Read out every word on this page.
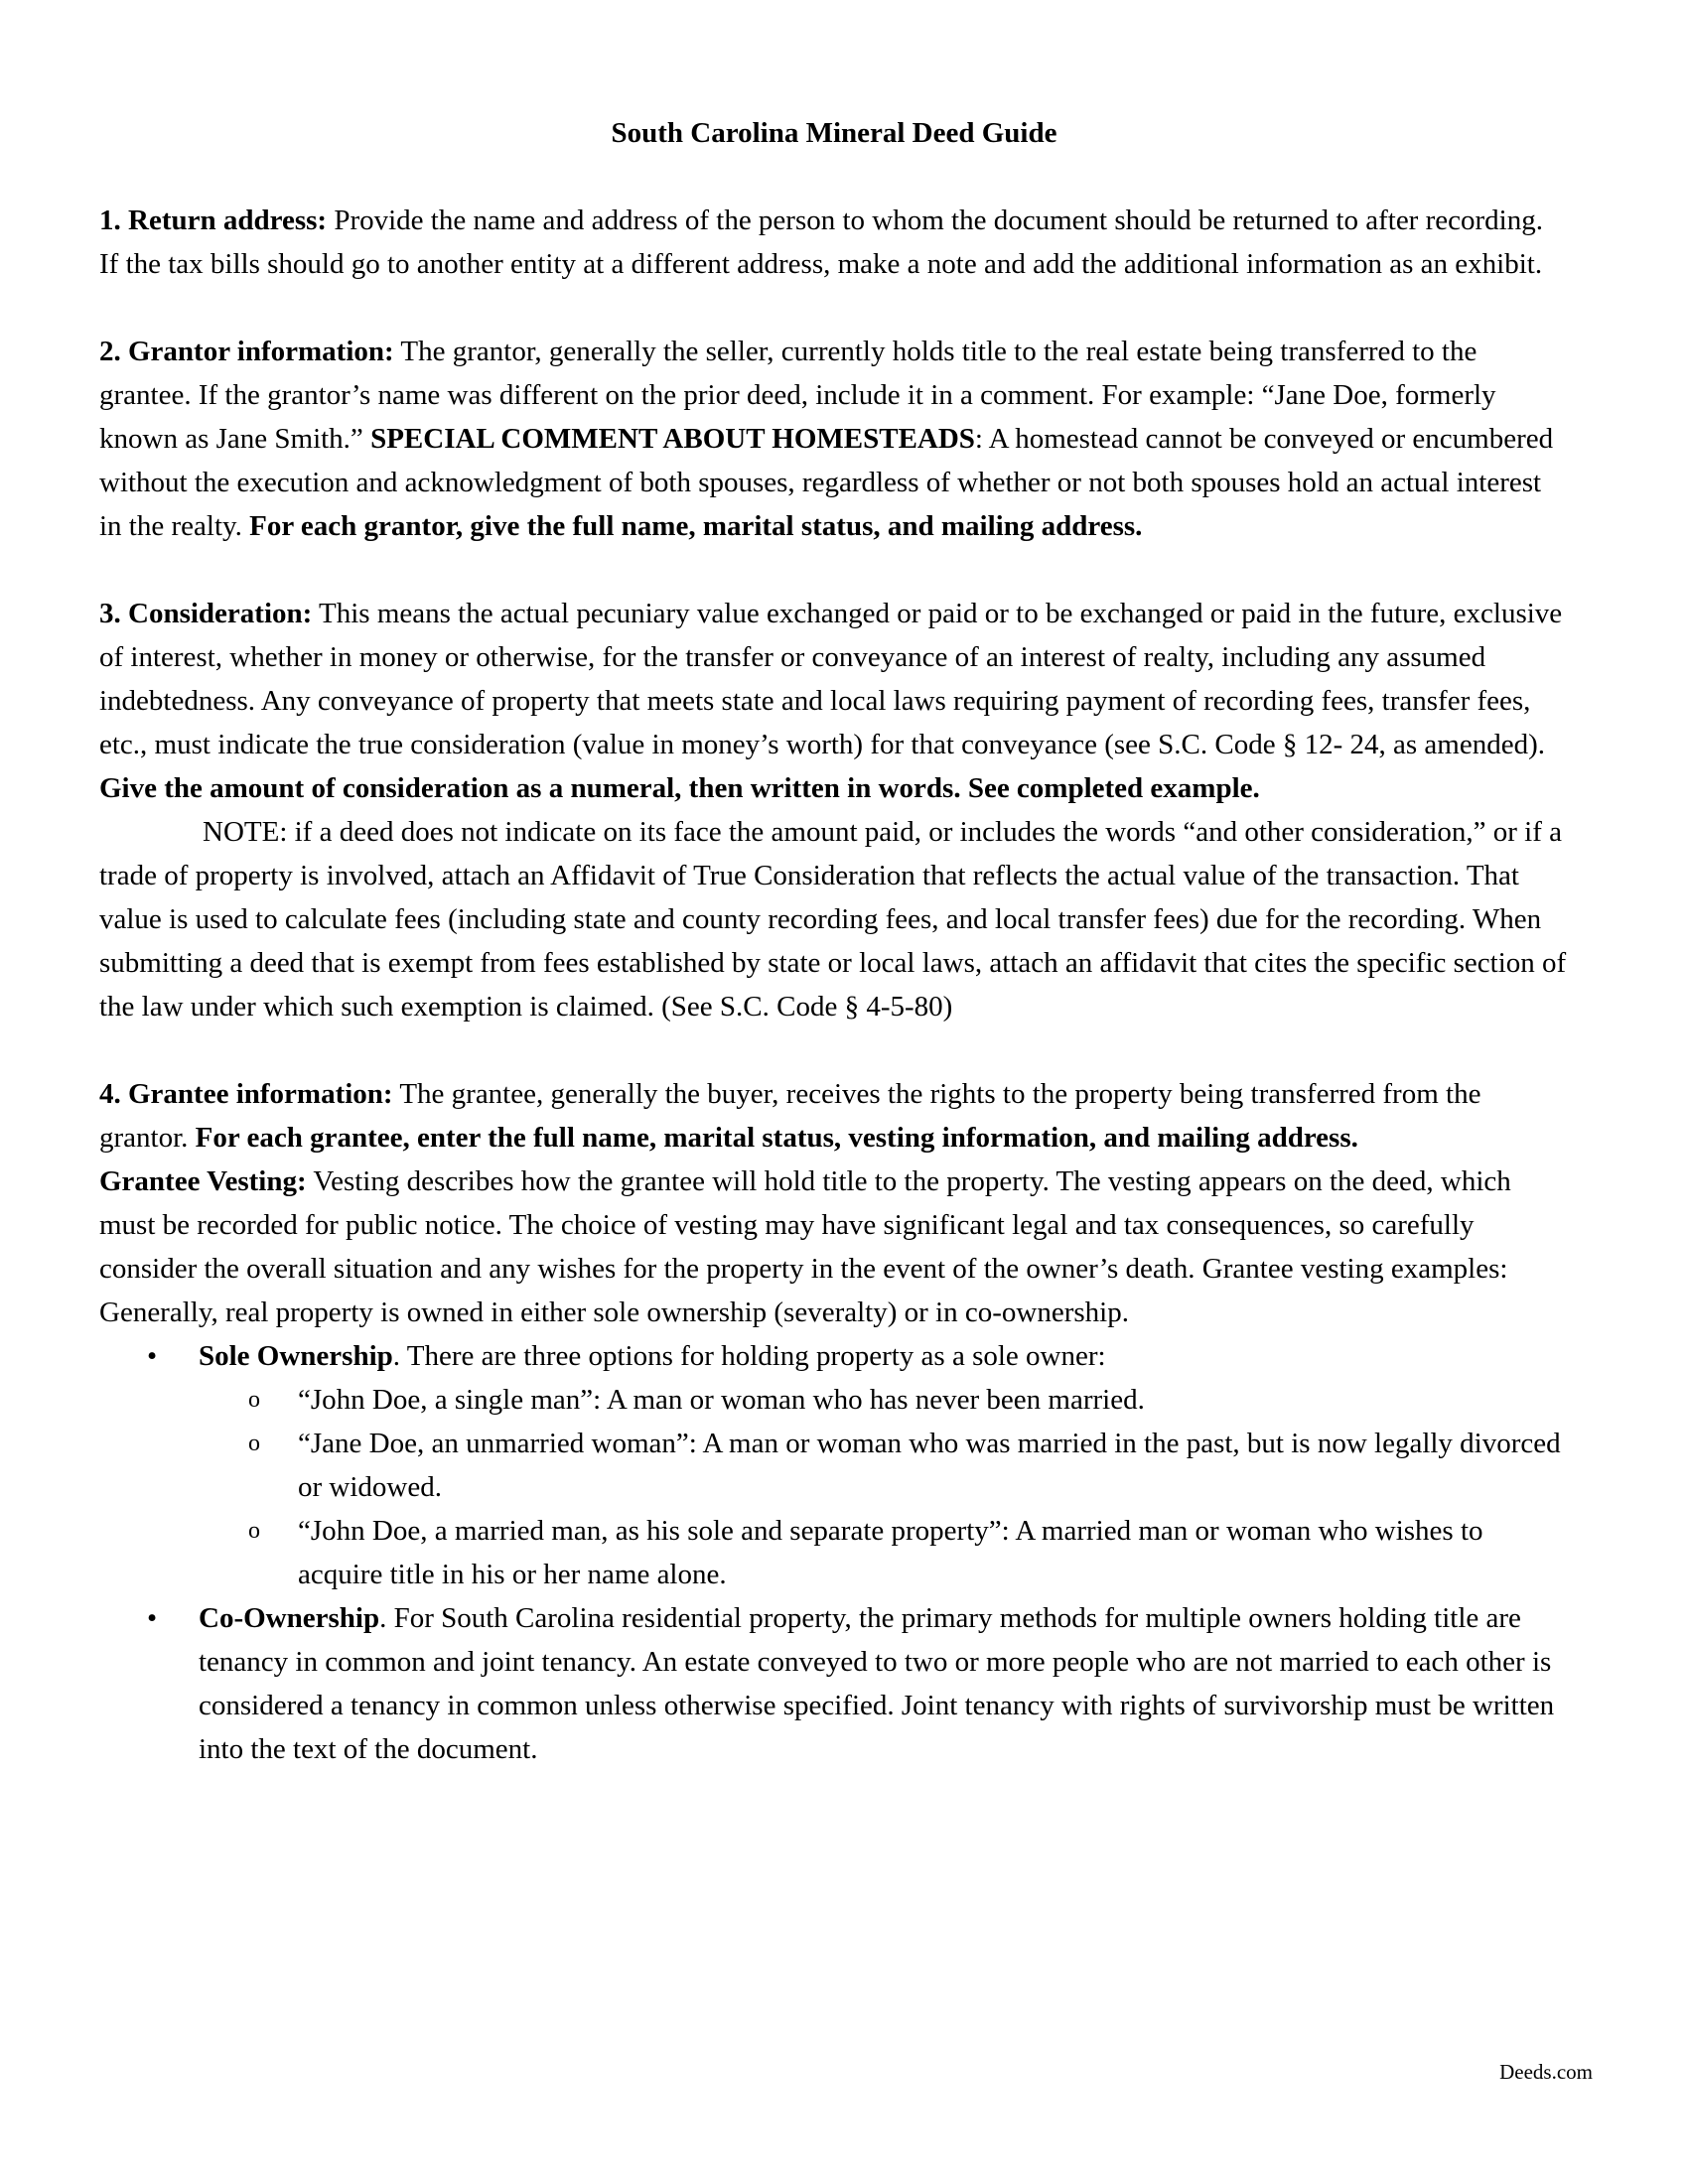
South Carolina Mineral Deed Guide

1. Return address: Provide the name and address of the person to whom the document should be returned to after recording. If the tax bills should go to another entity at a different address, make a note and add the additional information as an exhibit.

2. Grantor information: The grantor, generally the seller, currently holds title to the real estate being transferred to the grantee. If the grantor’s name was different on the prior deed, include it in a comment. For example: “Jane Doe, formerly known as Jane Smith.” SPECIAL COMMENT ABOUT HOMESTEADS: A homestead cannot be conveyed or encumbered without the execution and acknowledgment of both spouses, regardless of whether or not both spouses hold an actual interest in the realty. For each grantor, give the full name, marital status, and mailing address.

3. Consideration: This means the actual pecuniary value exchanged or paid or to be exchanged or paid in the future, exclusive of interest, whether in money or otherwise, for the transfer or conveyance of an interest of realty, including any assumed indebtedness. Any conveyance of property that meets state and local laws requiring payment of recording fees, transfer fees, etc., must indicate the true consideration (value in money’s worth) for that conveyance (see S.C. Code § 12- 24, as amended). Give the amount of consideration as a numeral, then written in words. See completed example.

NOTE: if a deed does not indicate on its face the amount paid, or includes the words “and other consideration,” or if a trade of property is involved, attach an Affidavit of True Consideration that reflects the actual value of the transaction. That value is used to calculate fees (including state and county recording fees, and local transfer fees) due for the recording. When submitting a deed that is exempt from fees established by state or local laws, attach an affidavit that cites the specific section of the law under which such exemption is claimed. (See S.C. Code § 4-5-80)

4. Grantee information: The grantee, generally the buyer, receives the rights to the property being transferred from the grantor. For each grantee, enter the full name, marital status, vesting information, and mailing address.

Grantee Vesting: Vesting describes how the grantee will hold title to the property. The vesting appears on the deed, which must be recorded for public notice. The choice of vesting may have significant legal and tax consequences, so carefully consider the overall situation and any wishes for the property in the event of the owner’s death. Grantee vesting examples:

Generally, real property is owned in either sole ownership (severalty) or in co-ownership.

• Sole Ownership. There are three options for holding property as a sole owner:
o “John Doe, a single man”: A man or woman who has never been married.
o “Jane Doe, an unmarried woman”: A man or woman who was married in the past, but is now legally divorced or widowed.
o “John Doe, a married man, as his sole and separate property”: A married man or woman who wishes to acquire title in his or her name alone.
• Co-Ownership. For South Carolina residential property, the primary methods for multiple owners holding title are tenancy in common and joint tenancy. An estate conveyed to two or more people who are not married to each other is considered a tenancy in common unless otherwise specified. Joint tenancy with rights of survivorship must be written into the text of the document.
Deeds.com
